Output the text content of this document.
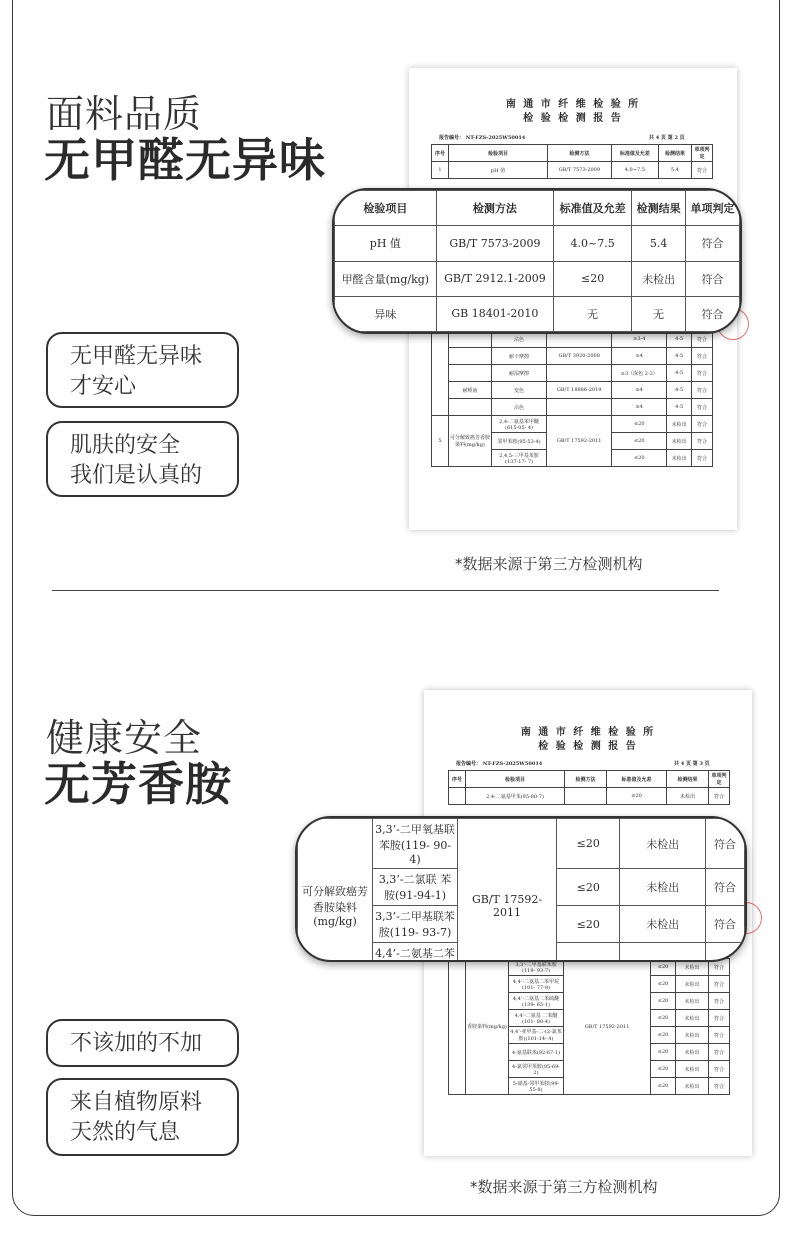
面料品质
无甲醛无异味
无甲醛无异味
才安心
肌肤的安全
我们是认真的
南 通 市 纤 维 检 验 所
检 验 检 测 报 告
报告编号： NT-FZS-2025W50014	共 4 页 第 2 页
序号	检验项目	检测方法	标准值及允差	检测结果	单项判定
1	pH 值	GB/T 7573-2009	4.0~7.5	5.4	符合
		沾色		≥3-4	4-5	符合
		耐干摩擦	GB/T 3920-2008	≥4	4-5	符合
		耐湿摩擦		≥3（深色 2-3）	4-5	符合
	耐唾液	变色	GB/T 18886-2019	≥4	4-5	符合
		沾色		≥4	4-5	符合
5	可分解致癌芳香胺染料(mg/kg)	2,4-二氨基苯甲醚(615-05- 4)	GB/T 17592-2011	≤20	未检出	符合
		邻甲苯胺(95-53-4)		≤20	未检出	符合
		2,4,5-三甲基苯胺(137-17- 7)		≤20	未检出	符合
检验项目	检测方法	标准值及允差	检测结果	单项判定
pH 值	GB/T 7573-2009	4.0~7.5	5.4	符合
甲醛含量(mg/kg)	GB/T 2912.1-2009	≤20	未检出	符合
异味	GB 18401-2010	无	无	符合
*数据来源于第三方检测机构
健康安全
无芳香胺
不该加的不加
来自植物原料
天然的气息
南 通 市 纤 维 检 验 所
检 验 检 测 报 告
报告编号： NT-FZS-2025W50014	共 4 页 第 3 页
序号	检验项目	检测方法	标准值及允差	检测结果	单项判定
	2,4-二氨基甲苯(95-80-7)		≤20	未检出	符合
	香胺染料(mg/kg)	3,3’-二甲基联苯胺(119- 93-7)	GB/T 17592-2011	≤20	未检出	符合
		4,4’-二氨基二苯甲烷(101- 77-9)		≤20	未检出	符合
		4,4’-二氨基二苯硫醚(139- 65-1)		≤20	未检出	符合
		4,4’-二氨基 二苯醚(101- 80-4)		≤20	未检出	符合
		4,4’-亚甲基-二-(2-氯苯 胺)(101-14- 4)		≤20	未检出	符合
		4-氨基联苯(92-67-1)		≤20	未检出	符合
		4-氯邻甲苯胺(95-69-2)		≤20	未检出	符合
		5-硝基-邻甲苯胺(99-55-8)		≤20	未检出	符合
可分解致癌芳香胺染料(mg/kg)	3,3’-二甲氧基联苯胺(119- 90-4)	GB/T 17592-2011	≤20	未检出	符合
	3,3’-二氯联 苯胺(91-94-1)		≤20	未检出	符合
	3,3’-二甲基联苯胺(119- 93-7)		≤20	未检出	符合
	4,4’-二氨基二苯			
*数据来源于第三方检测机构
